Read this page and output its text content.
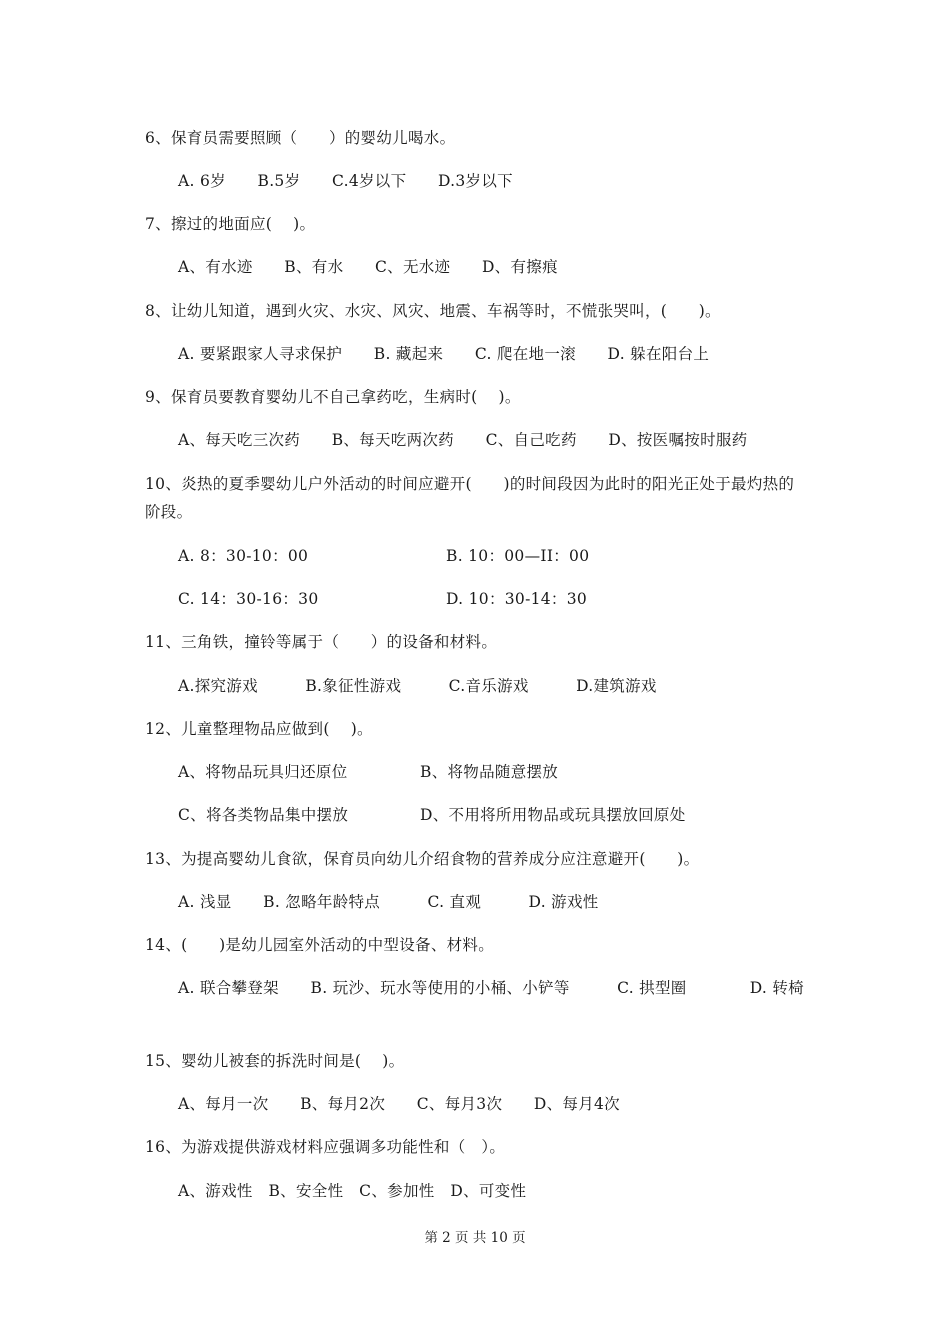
6、保育员需要照顾（　　）的婴幼儿喝水。
A. 6岁　　B.5岁　　C.4岁以下　　D.3岁以下
7、擦过的地面应(　 )。
A、有水迹　　B、有水　　C、无水迹　　D、有擦痕
8、让幼儿知道，遇到火灾、水灾、风灾、地震、车祸等时，不慌张哭叫，(　　)。
A. 要紧跟家人寻求保护　　B. 藏起来　　C. 爬在地一滚　　D. 躲在阳台上
9、保育员要教育婴幼儿不自己拿药吃，生病时(　 )。
A、每天吃三次药　　B、每天吃两次药　　C、自己吃药　　D、按医嘱按时服药
10、炎热的夏季婴幼儿户外活动的时间应避开(　　)的时间段因为此时的阳光正处于最灼热的阶段。
A. 8：30-10：00	B. 10：00—II：00
C. 14：30-16：30	D. 10：30-14：30
11、三角铁，撞铃等属于（　　）的设备和材料。
A.探究游戏　　　B.象征性游戏　　　C.音乐游戏　　　D.建筑游戏
12、儿童整理物品应做到(　 )。
A、将物品玩具归还原位	B、将物品随意摆放
C、将各类物品集中摆放	D、不用将所用物品或玩具摆放回原处
13、为提高婴幼儿食欲，保育员向幼儿介绍食物的营养成分应注意避开(　　)。
A. 浅显　　B. 忽略年龄特点　　　C. 直观　　　D. 游戏性
14、(　　)是幼儿园室外活动的中型设备、材料。
A. 联合攀登架　　B. 玩沙、玩水等使用的小桶、小铲等　　　C. 拱型圈　　　　D. 转椅
15、婴幼儿被套的拆洗时间是(　 )。
A、每月一次　　B、每月2次　　C、每月3次　　D、每月4次
16、为游戏提供游戏材料应强调多功能性和（　）。
A、游戏性　B、安全性　C、参加性　D、可变性
第 2 页 共 10 页
